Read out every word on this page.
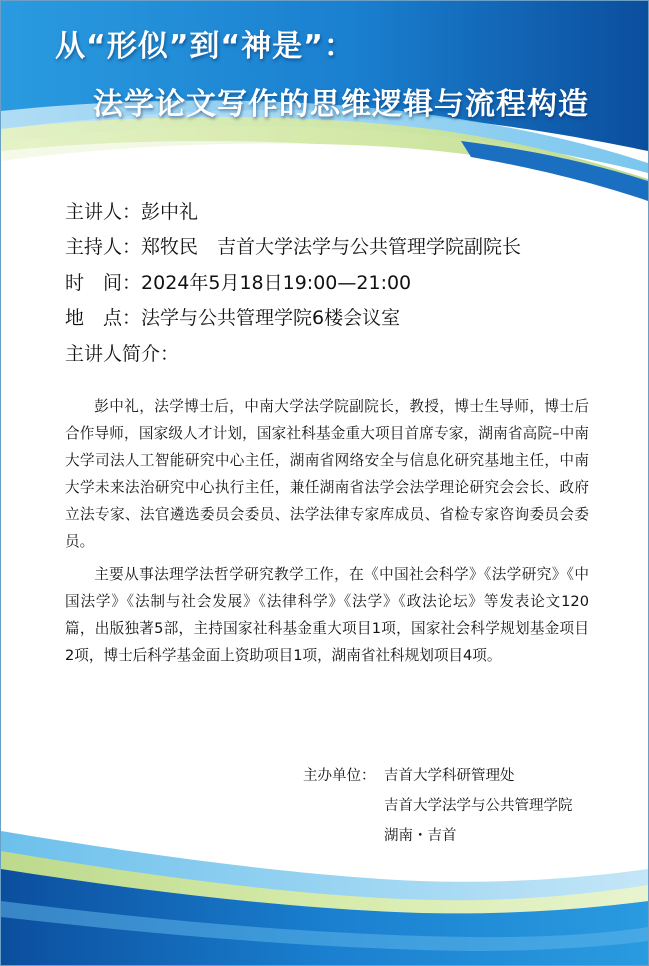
从“形似”到“神是”：
法学论文写作的思维逻辑与流程构造
主讲人：彭中礼
主持人：郑牧民　吉首大学法学与公共管理学院副院长
时　间：2024年5月18日19:00—21:00
地　点：法学与公共管理学院6楼会议室
主讲人简介：

彭中礼，法学博士后，中南大学法学院副院长，教授，博士生导师，博士后合作导师，国家级人才计划，国家社科基金重大项目首席专家，湖南省高院–中南大学司法人工智能研究中心主任，湖南省网络安全与信息化研究基地主任，中南大学未来法治研究中心执行主任，兼任湖南省法学会法学理论研究会会长、政府立法专家、法官遴选委员会委员、法学法律专家库成员、省检专家咨询委员会委员。

主要从事法理学法哲学研究教学工作，在《中国社会科学》《法学研究》《中国法学》《法制与社会发展》《法律科学》《法学》《政法论坛》等发表论文120篇，出版独著5部，主持国家社科基金重大项目1项，国家社会科学规划基金项目2项，博士后科学基金面上资助项目1项，湖南省社科规划项目4项。

主办单位： 吉首大学科研管理处
吉首大学法学与公共管理学院
湖南・吉首
